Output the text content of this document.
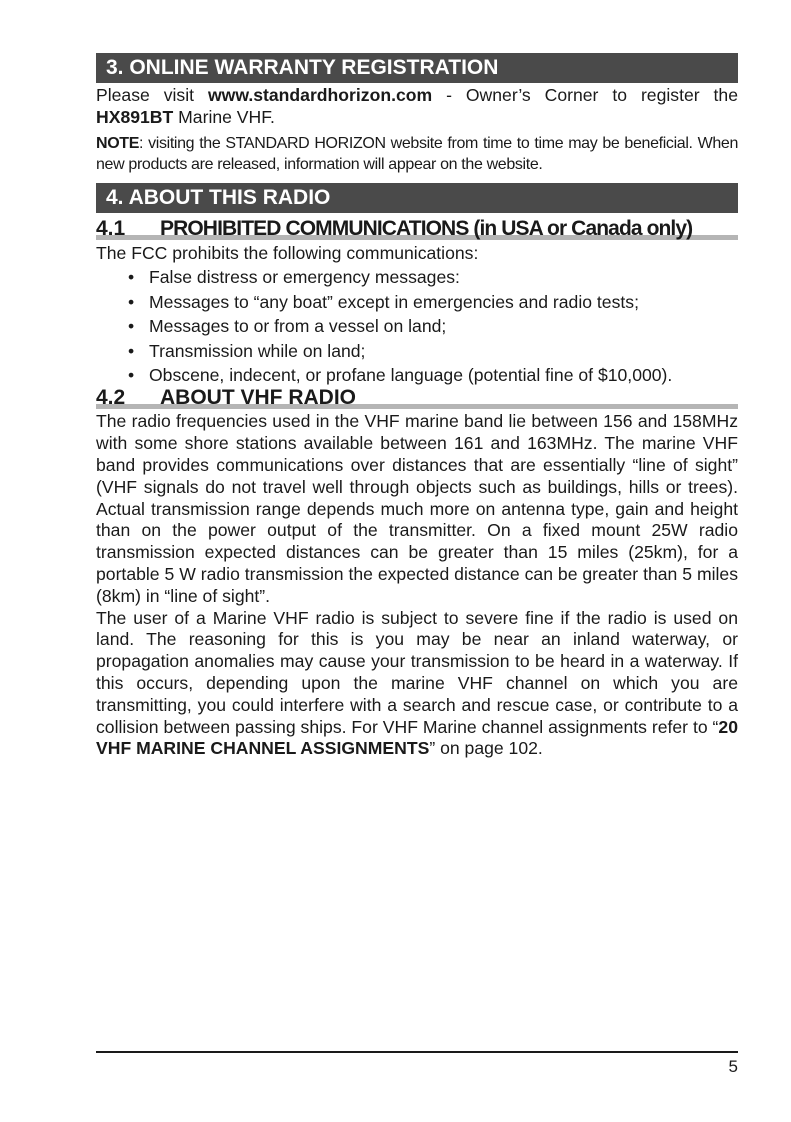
3. ONLINE WARRANTY REGISTRATION

Please visit www.standardhorizon.com - Owner’s Corner to register the HX891BT Marine VHF.

NOTE: visiting the STANDARD HORIZON website from time to time may be beneficial. When new products are released, information will appear on the website.

4. ABOUT THIS RADIO
4.1 PROHIBITED COMMUNICATIONS (in USA or Canada only)

The FCC prohibits the following communications:

• False distress or emergency messages:
• Messages to “any boat” except in emergencies and radio tests;
• Messages to or from a vessel on land;
• Transmission while on land;
• Obscene, indecent, or profane language (potential fine of $10,000).
4.2 ABOUT VHF RADIO

The radio frequencies used in the VHF marine band lie between 156 and 158MHz with some shore stations available between 161 and 163MHz. The marine VHF band provides communications over distances that are essentially “line of sight” (VHF signals do not travel well through objects such as buildings, hills or trees). Actual transmission range depends much more on antenna type, gain and height than on the power output of the transmitter. On a fixed mount 25W radio transmission expected distances can be greater than 15 miles (25km), for a portable 5 W radio transmission the expected distance can be greater than 5 miles (8km) in “line of sight”.

The user of a Marine VHF radio is subject to severe fine if the radio is used on land. The reasoning for this is you may be near an inland waterway, or propagation anomalies may cause your transmission to be heard in a waterway. If this occurs, depending upon the marine VHF channel on which you are transmitting, you could interfere with a search and rescue case, or contribute to a collision between passing ships. For VHF Marine channel assignments refer to “20 VHF MARINE CHANNEL ASSIGNMENTS” on page 102.

5
